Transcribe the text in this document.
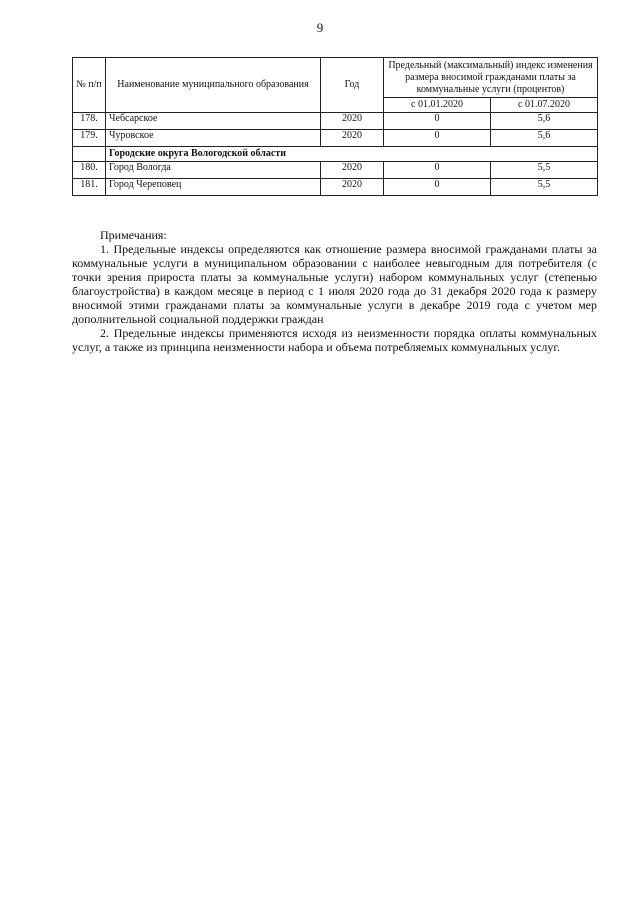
9
№ п/п	Наименование муниципального образования	Год	Предельный (максимальный) индекс изменения размера вносимой гражданами платы за коммунальные услуги (процентов)	
			с 01.01.2020	с 01.07.2020
178.	Чебсарское	2020	0	5,6
179.	Чуровское	2020	0	5,6
	Городские округа Вологодской области			
180.	Город Вологда	2020	0	5,5
181.	Город Череповец	2020	0	5,5

Примечания:

1. Предельные индексы определяются как отношение размера вносимой гражданами платы за коммунальные услуги в муниципальном образовании с наиболее невыгодным для потребителя (с точки зрения прироста платы за коммунальные услуги) набором коммунальных услуг (степенью благоустройства) в каждом месяце в период с 1 июля 2020 года до 31 декабря 2020 года к размеру вносимой этими гражданами платы за коммунальные услуги в декабре 2019 года с учетом мер дополнительной социальной поддержки граждан

2. Предельные индексы применяются исходя из неизменности порядка оплаты коммунальных услуг, а также из принципа неизменности набора и объема потребляемых коммунальных услуг.
